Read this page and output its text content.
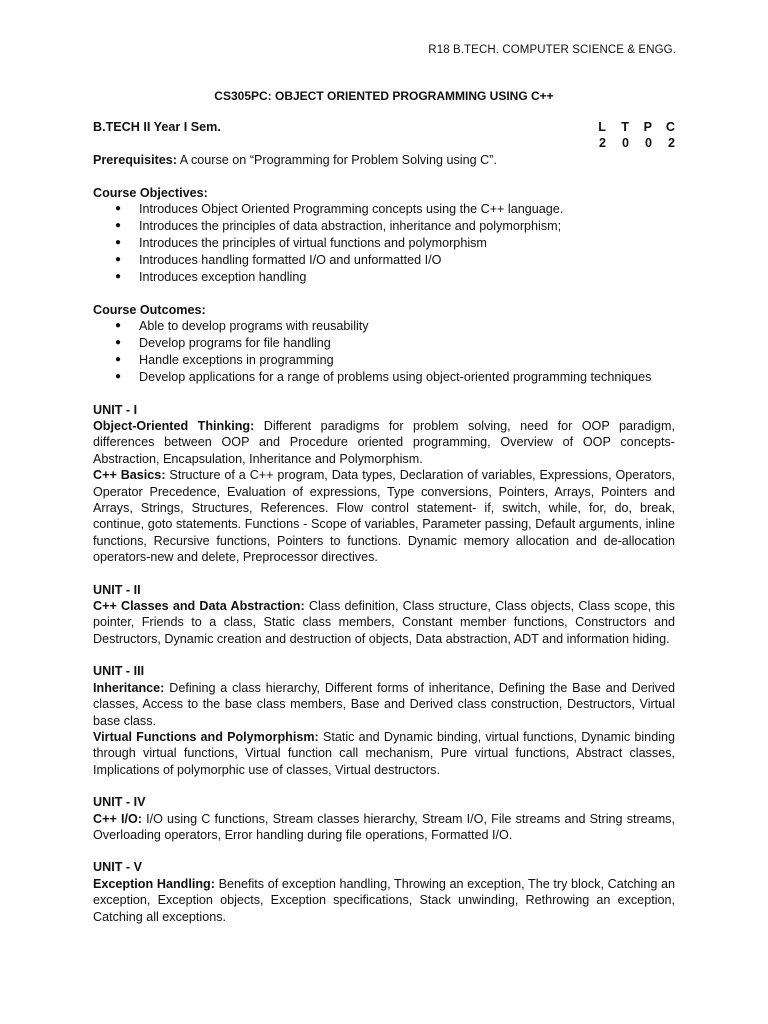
R18 B.TECH. COMPUTER SCIENCE & ENGG.
CS305PC: OBJECT ORIENTED PROGRAMMING USING C++
B.TECH II Year I Sem.	L T P C
2 0 0 2
Prerequisites: A course on “Programming for Problem Solving using C”.
Course Objectives:
● Introduces Object Oriented Programming concepts using the C++ language.
● Introduces the principles of data abstraction, inheritance and polymorphism;
● Introduces the principles of virtual functions and polymorphism
● Introduces handling formatted I/O and unformatted I/O
● Introduces exception handling
Course Outcomes:
● Able to develop programs with reusability
● Develop programs for file handling
● Handle exceptions in programming
● Develop applications for a range of problems using object-oriented programming techniques
UNIT - I
Object-Oriented Thinking: Different paradigms for problem solving, need for OOP paradigm, differences between OOP and Procedure oriented programming, Overview of OOP concepts- Abstraction, Encapsulation, Inheritance and Polymorphism.
C++ Basics: Structure of a C++ program, Data types, Declaration of variables, Expressions, Operators, Operator Precedence, Evaluation of expressions, Type conversions, Pointers, Arrays, Pointers and Arrays, Strings, Structures, References. Flow control statement- if, switch, while, for, do, break, continue, goto statements. Functions - Scope of variables, Parameter passing, Default arguments, inline functions, Recursive functions, Pointers to functions. Dynamic memory allocation and de-allocation operators-new and delete, Preprocessor directives.
UNIT - II
C++ Classes and Data Abstraction: Class definition, Class structure, Class objects, Class scope, this pointer, Friends to a class, Static class members, Constant member functions, Constructors and Destructors, Dynamic creation and destruction of objects, Data abstraction, ADT and information hiding.
UNIT - III
Inheritance: Defining a class hierarchy, Different forms of inheritance, Defining the Base and Derived classes, Access to the base class members, Base and Derived class construction, Destructors, Virtual base class.
Virtual Functions and Polymorphism: Static and Dynamic binding, virtual functions, Dynamic binding through virtual functions, Virtual function call mechanism, Pure virtual functions, Abstract classes, Implications of polymorphic use of classes, Virtual destructors.
UNIT - IV
C++ I/O: I/O using C functions, Stream classes hierarchy, Stream I/O, File streams and String streams, Overloading operators, Error handling during file operations, Formatted I/O.
UNIT - V
Exception Handling: Benefits of exception handling, Throwing an exception, The try block, Catching an exception, Exception objects, Exception specifications, Stack unwinding, Rethrowing an exception, Catching all exceptions.
